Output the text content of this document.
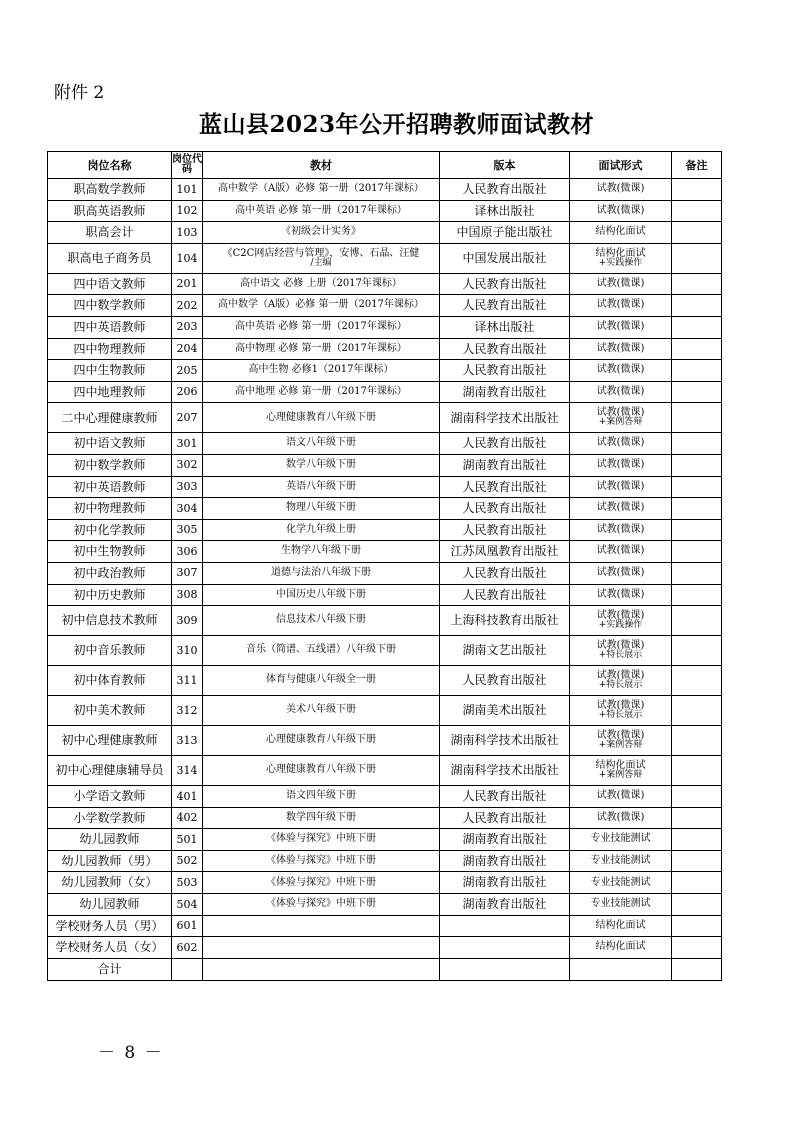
附件 2
蓝山县2023年公开招聘教师面试教材
岗位名称	岗位代码	教材	版本	面试形式	备注
职高数学教师	101	高中数学（A版）必修 第一册（2017年课标）	人民教育出版社	试教(微课)	
职高英语教师	102	高中英语 必修 第一册（2017年课标）	译林出版社	试教(微课)	
职高会计	103	《初级会计实务》	中国原子能出版社	结构化面试	
职高电子商务员	104	《C2C网店经营与管理》，安博、石晶、汪健
/主编	中国发展出版社	结构化面试
+实践操作	

四中语文教师	201	高中语文 必修 上册（2017年课标）	人民教育出版社	试教(微课)	
四中数学教师	202	高中数学（A版）必修 第一册（2017年课标）	人民教育出版社	试教(微课)	
四中英语教师	203	高中英语 必修 第一册（2017年课标）	译林出版社	试教(微课)	
四中物理教师	204	高中物理 必修 第一册（2017年课标）	人民教育出版社	试教(微课)	
四中生物教师	205	高中生物 必修1（2017年课标）	人民教育出版社	试教(微课)	
四中地理教师	206	高中地理 必修 第一册（2017年课标）	湖南教育出版社	试教(微课)	
二中心理健康教师	207	心理健康教育八年级下册	湖南科学技术出版社	试教(微课)
+案例答辩	

初中语文教师	301	语文八年级下册	人民教育出版社	试教(微课)	
初中数学教师	302	数学八年级下册	湖南教育出版社	试教(微课)	
初中英语教师	303	英语八年级下册	人民教育出版社	试教(微课)	
初中物理教师	304	物理八年级下册	人民教育出版社	试教(微课)	
初中化学教师	305	化学九年级上册	人民教育出版社	试教(微课)	
初中生物教师	306	生物学八年级下册	江苏凤凰教育出版社	试教(微课)	
初中政治教师	307	道德与法治八年级下册	人民教育出版社	试教(微课)	
初中历史教师	308	中国历史八年级下册	人民教育出版社	试教(微课)	
初中信息技术教师	309	信息技术八年级下册	上海科技教育出版社	试教(微课)
+实践操作	

初中音乐教师	310	音乐（简谱、五线谱）八年级下册	湖南文艺出版社	试教(微课)
+特长展示	

初中体育教师	311	体育与健康八年级全一册	人民教育出版社	试教(微课)
+特长展示	

初中美术教师	312	美术八年级下册	湖南美术出版社	试教(微课)
+特长展示	

初中心理健康教师	313	心理健康教育八年级下册	湖南科学技术出版社	试教(微课)
+案例答辩	

初中心理健康辅导员	314	心理健康教育八年级下册	湖南科学技术出版社	结构化面试
+案例答辩	

小学语文教师	401	语文四年级下册	人民教育出版社	试教(微课)	
小学数学教师	402	数学四年级下册	人民教育出版社	试教(微课)	
幼儿园教师	501	《体验与探究》中班下册	湖南教育出版社	专业技能测试	
幼儿园教师（男）	502	《体验与探究》中班下册	湖南教育出版社	专业技能测试	
幼儿园教师（女）	503	《体验与探究》中班下册	湖南教育出版社	专业技能测试	
幼儿园教师	504	《体验与探究》中班下册	湖南教育出版社	专业技能测试	
学校财务人员（男）	601			结构化面试	
学校财务人员（女）	602			结构化面试	
合计					
－ 8 －
